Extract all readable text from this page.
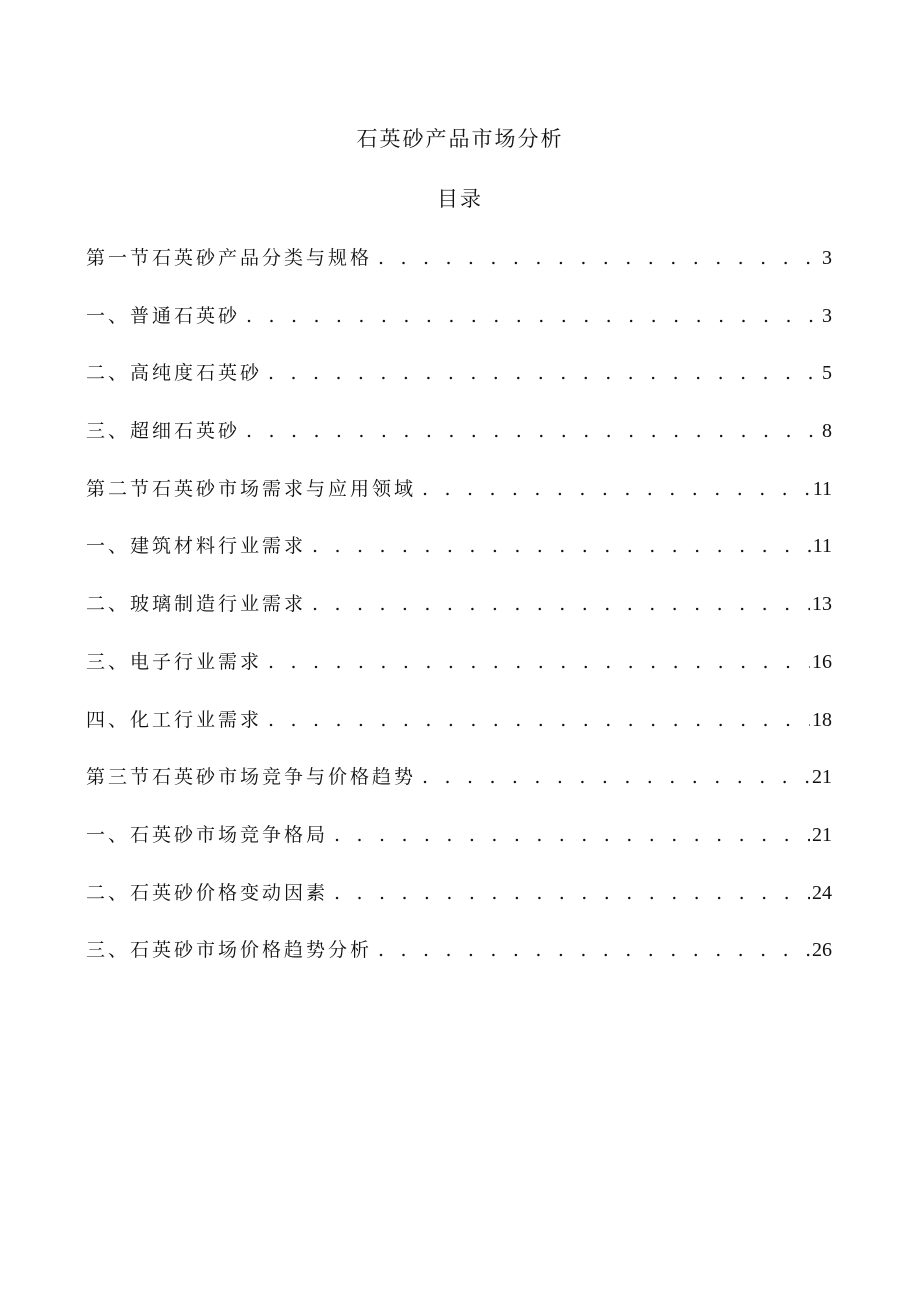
石英砂产品市场分析
目录
第一节石英砂产品分类与规格 . . .	3
一、普通石英砂 . . .	3
二、高纯度石英砂 . . .	5
三、超细石英砂 . . .	8
第二节石英砂市场需求与应用领域 . . .	11
一、建筑材料行业需求 . . .	11
二、玻璃制造行业需求 . . .	13
三、电子行业需求 . . .	16
四、化工行业需求 . . .	18
第三节石英砂市场竞争与价格趋势 . . .	21
一、石英砂市场竞争格局 . . .	21
二、石英砂价格变动因素 . . .	24
三、石英砂市场价格趋势分析 . . .	26
